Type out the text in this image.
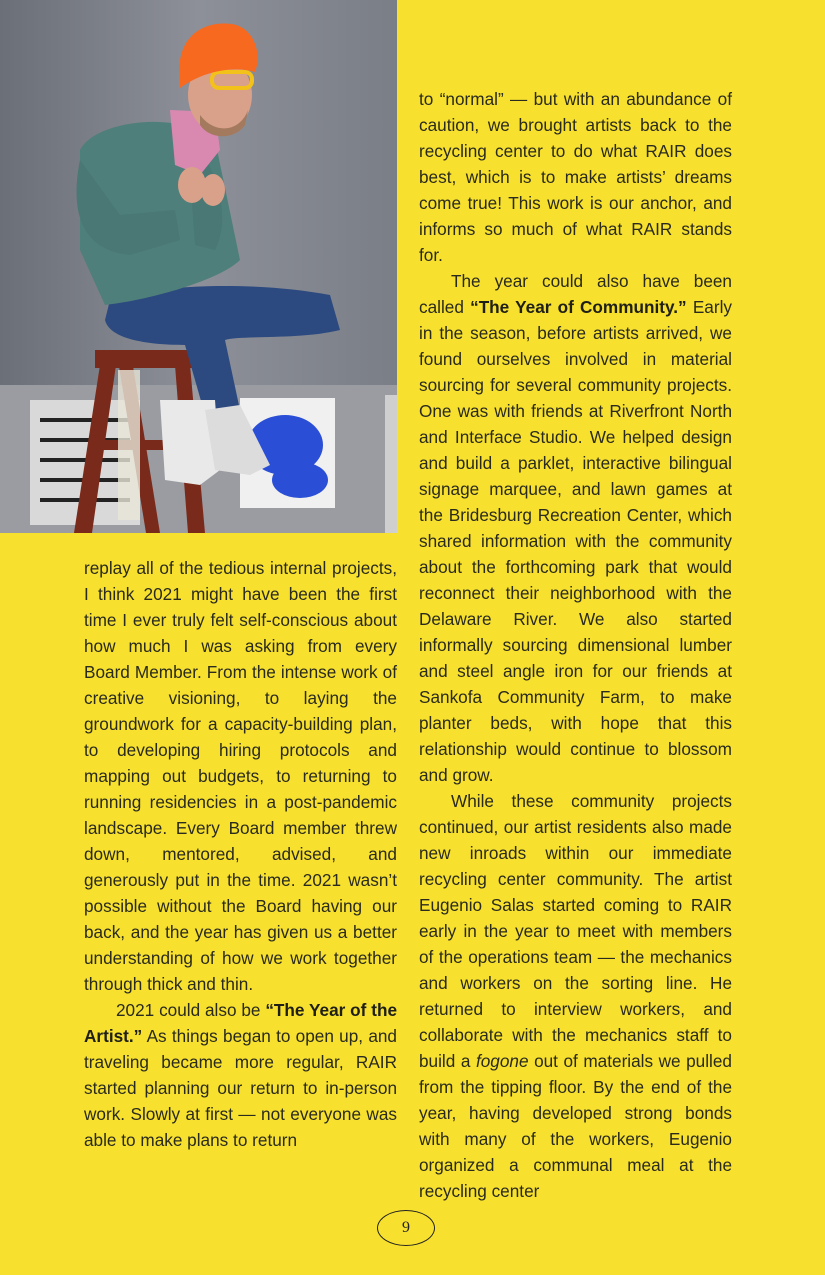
replay all of the tedious internal projects, I think 2021 might have been the first time I ever truly felt self-conscious about how much I was asking from every Board Member. From the intense work of creative visioning, to laying the groundwork for a capacity-building plan, to developing hiring protocols and mapping out budgets, to returning to running residencies in a post-pandemic landscape. Every Board member threw down, mentored, advised, and generously put in the time. 2021 wasn’t possible without the Board having our back, and the year has given us a better understanding of how we work together through thick and thin.

2021 could also be “The Year of the Artist.” As things began to open up, and traveling became more regular, RAIR started planning our return to in-person work. Slowly at first — not everyone was able to make plans to return

to “normal” — but with an abundance of caution, we brought artists back to the recycling center to do what RAIR does best, which is to make artists’ dreams come true! This work is our anchor, and informs so much of what RAIR stands for.

The year could also have been called “The Year of Community.” Early in the season, before artists arrived, we found ourselves involved in material sourcing for several community projects. One was with friends at Riverfront North and Interface Studio. We helped design and build a parklet, interactive bilingual signage marquee, and lawn games at the Bridesburg Recreation Center, which shared information with the community about the forthcoming park that would reconnect their neighborhood with the Delaware River. We also started informally sourcing dimensional lumber and steel angle iron for our friends at Sankofa Community Farm, to make planter beds, with hope that this relationship would continue to blossom and grow.

While these community projects continued, our artist residents also made new inroads within our immediate recycling center community. The artist Eugenio Salas started coming to RAIR early in the year to meet with members of the operations team — the mechanics and workers on the sorting line. He returned to interview workers, and collaborate with the mechanics staff to build a fogone out of materials we pulled from the tipping floor. By the end of the year, having developed strong bonds with many of the workers, Eugenio organized a communal meal at the recycling center

9
